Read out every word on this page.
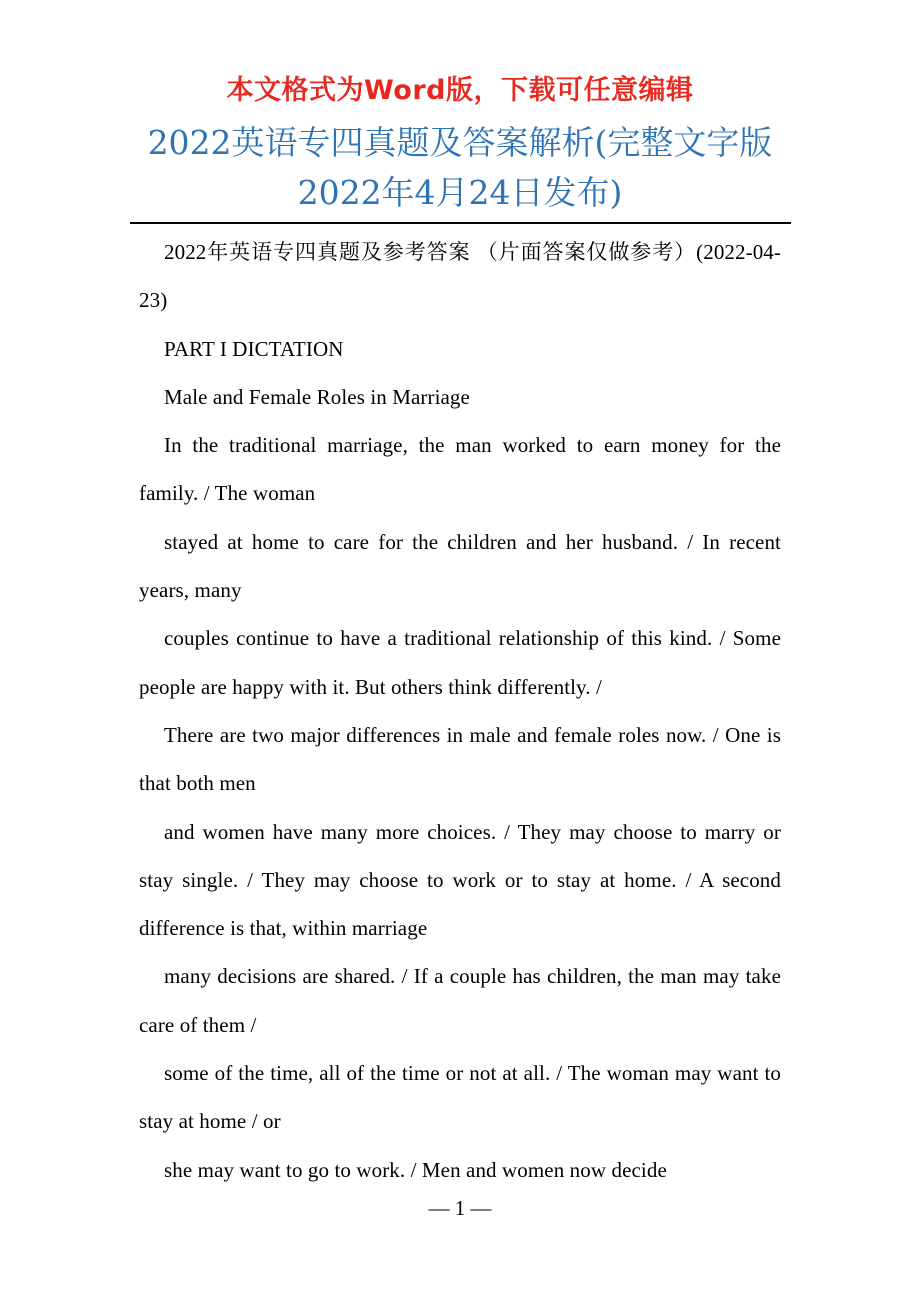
本文格式为Word版，下载可任意编辑
2022英语专四真题及答案解析(完整文字版
2022年4月24日发布)

2022年英语专四真题及参考答案 （片面答案仅做参考）(2022-04-23)

PART I DICTATION

Male and Female Roles in Marriage

In the traditional marriage, the man worked to earn money for the family. / The woman

stayed at home to care for the children and her husband. / In recent years, many

couples continue to have a traditional relationship of this kind. / Some people are happy with it. But others think differently. /

There are two major differences in male and female roles now. / One is that both men

and women have many more choices. / They may choose to marry or stay single. / They may choose to work or to stay at home. / A second difference is that, within marriage

many decisions are shared. / If a couple has children, the man may take care of them /

some of the time, all of the time or not at all. / The woman may want to stay at home / or

she may want to go to work. / Men and women now decide

— 1 —
